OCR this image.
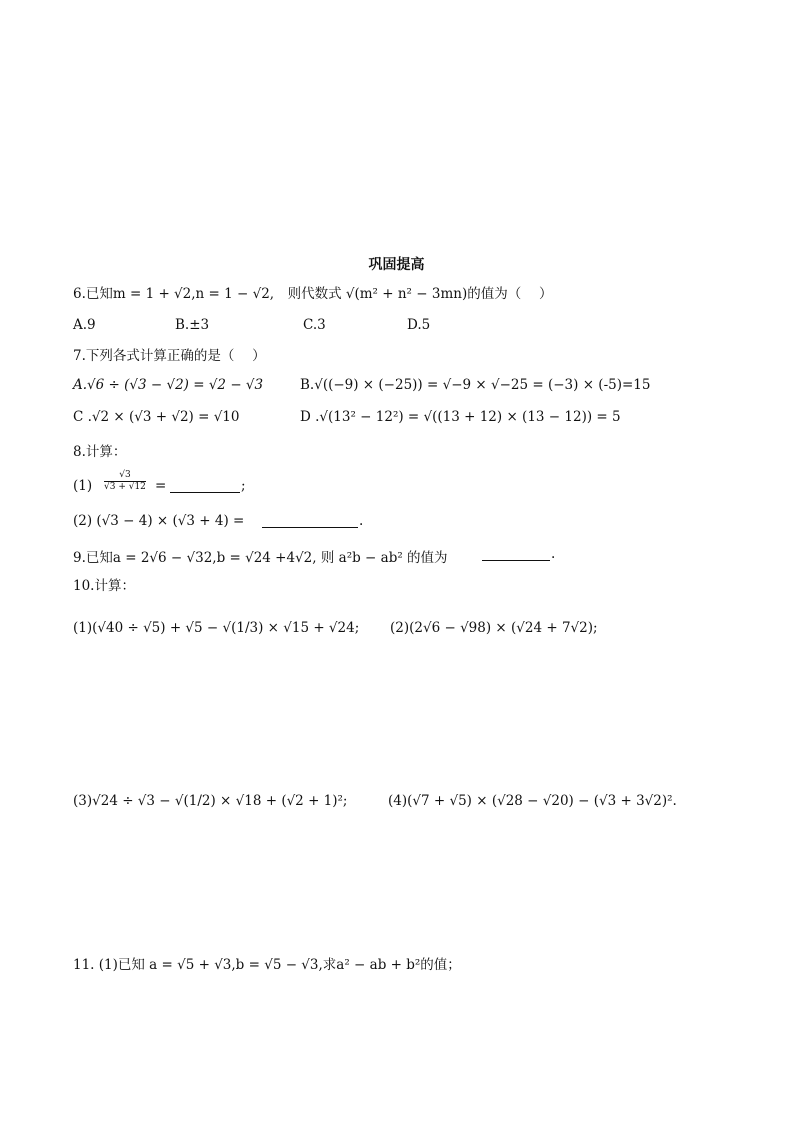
巩固提高
6.已知m = 1 + √2,n = 1 − √2,　则代数式 √(m² + n² − 3mn)的值为（　 ）
A.9	B.±3	C.3	D.5
7.下列各式计算正确的是（　 ）
A.√6 ÷ (√3 − √2) = √2 − √3	B.√((−9) × (−25)) = √−9 × √−25 = (−3) × (-5)=15
C .√2 × (√3 + √2) = √10	D .√(13² − 12²) = √((13 + 12) × (13 − 12)) = 5
8.计算：
$(1) \frac{√3}{√3 + √12}$ =	;
(2) (√3 − 4) × (√3 + 4) =	.
9.已知a = 2√6 − √32,b = √24 +4√2, 则 a²b − ab² 的值为	.
10.计算：
(1)(√40 ÷ √5) + √5 − √(1/3) × √15 + √24; (2)(2√6 − √98) × (√24 + 7√2);
(3)√24 ÷ √3 − √(1/2) × √18 + (√2 + 1)²;	(4)(√7 + √5) × (√28 − √20) − (√3 + 3√2)².
11. (1)已知 a = √5 + √3,b = √5 − √3,求a² − ab + b²的值；
